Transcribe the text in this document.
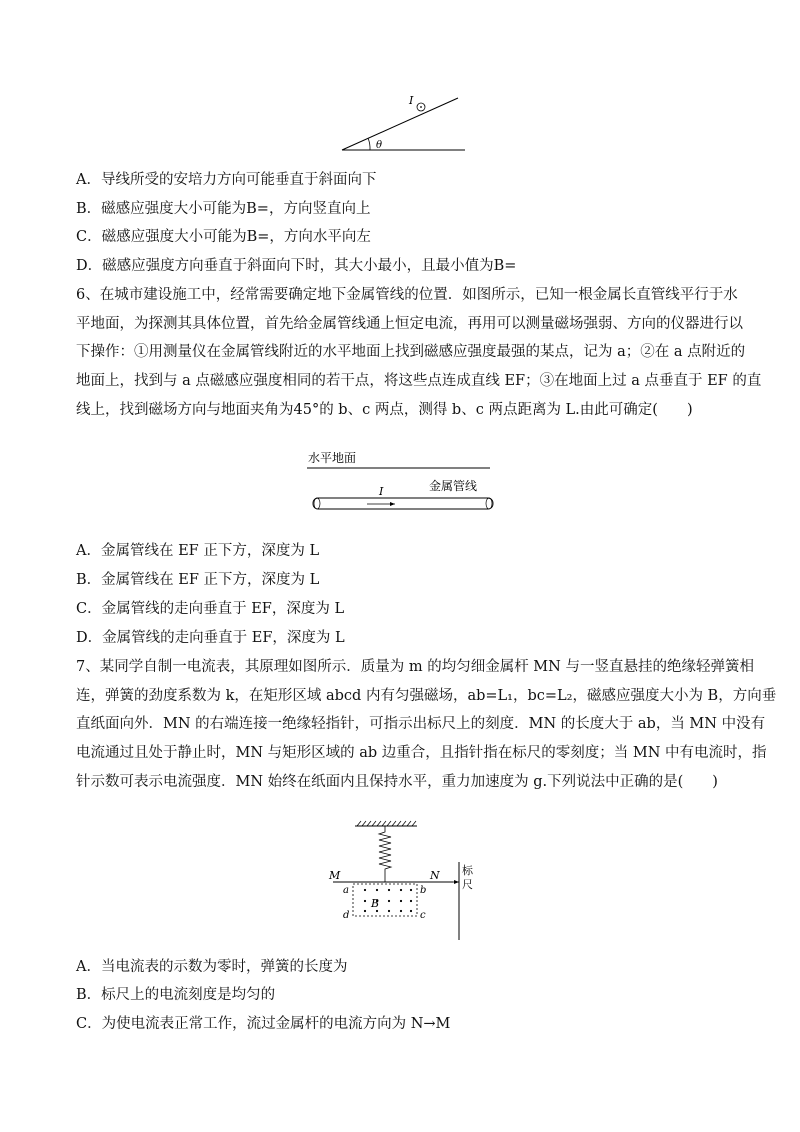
I
θ
A．导线所受的安培力方向可能垂直于斜面向下
B．磁感应强度大小可能为B=，方向竖直向上
C．磁感应强度大小可能为B=，方向水平向左
D．磁感应强度方向垂直于斜面向下时，其大小最小，且最小值为B=
6、在城市建设施工中，经常需要确定地下金属管线的位置．如图所示，已知一根金属长直管线平行于水
平地面，为探测其具体位置，首先给金属管线通上恒定电流，再用可以测量磁场强弱、方向的仪器进行以
下操作：①用测量仪在金属管线附近的水平地面上找到磁感应强度最强的某点，记为 a；②在 a 点附近的
地面上，找到与 a 点磁感应强度相同的若干点，将这些点连成直线 EF；③在地面上过 a 点垂直于 EF 的直
线上，找到磁场方向与地面夹角为45°的 b、c 两点，测得 b、c 两点距离为 L.由此可确定(　　)
水平地面
金属管线
I
A．金属管线在 EF 正下方，深度为 L
B．金属管线在 EF 正下方，深度为 L
C．金属管线的走向垂直于 EF，深度为 L
D．金属管线的走向垂直于 EF，深度为 L
7、某同学自制一电流表，其原理如图所示．质量为 m 的均匀细金属杆 MN 与一竖直悬挂的绝缘轻弹簧相
连，弹簧的劲度系数为 k，在矩形区域 abcd 内有匀强磁场，ab=L₁，bc=L₂，磁感应强度大小为 B，方向垂
直纸面向外．MN 的右端连接一绝缘轻指针，可指示出标尺上的刻度．MN 的长度大于 ab，当 MN 中没有
电流通过且处于静止时，MN 与矩形区域的 ab 边重合，且指针指在标尺的零刻度；当 MN 中有电流时，指
针示数可表示电流强度．MN 始终在纸面内且保持水平，重力加速度为 g.下列说法中正确的是(　　)
标
尺
M	N
a	b
d	c
B
A．当电流表的示数为零时，弹簧的长度为
B．标尺上的电流刻度是均匀的
C．为使电流表正常工作，流过金属杆的电流方向为 N→M
